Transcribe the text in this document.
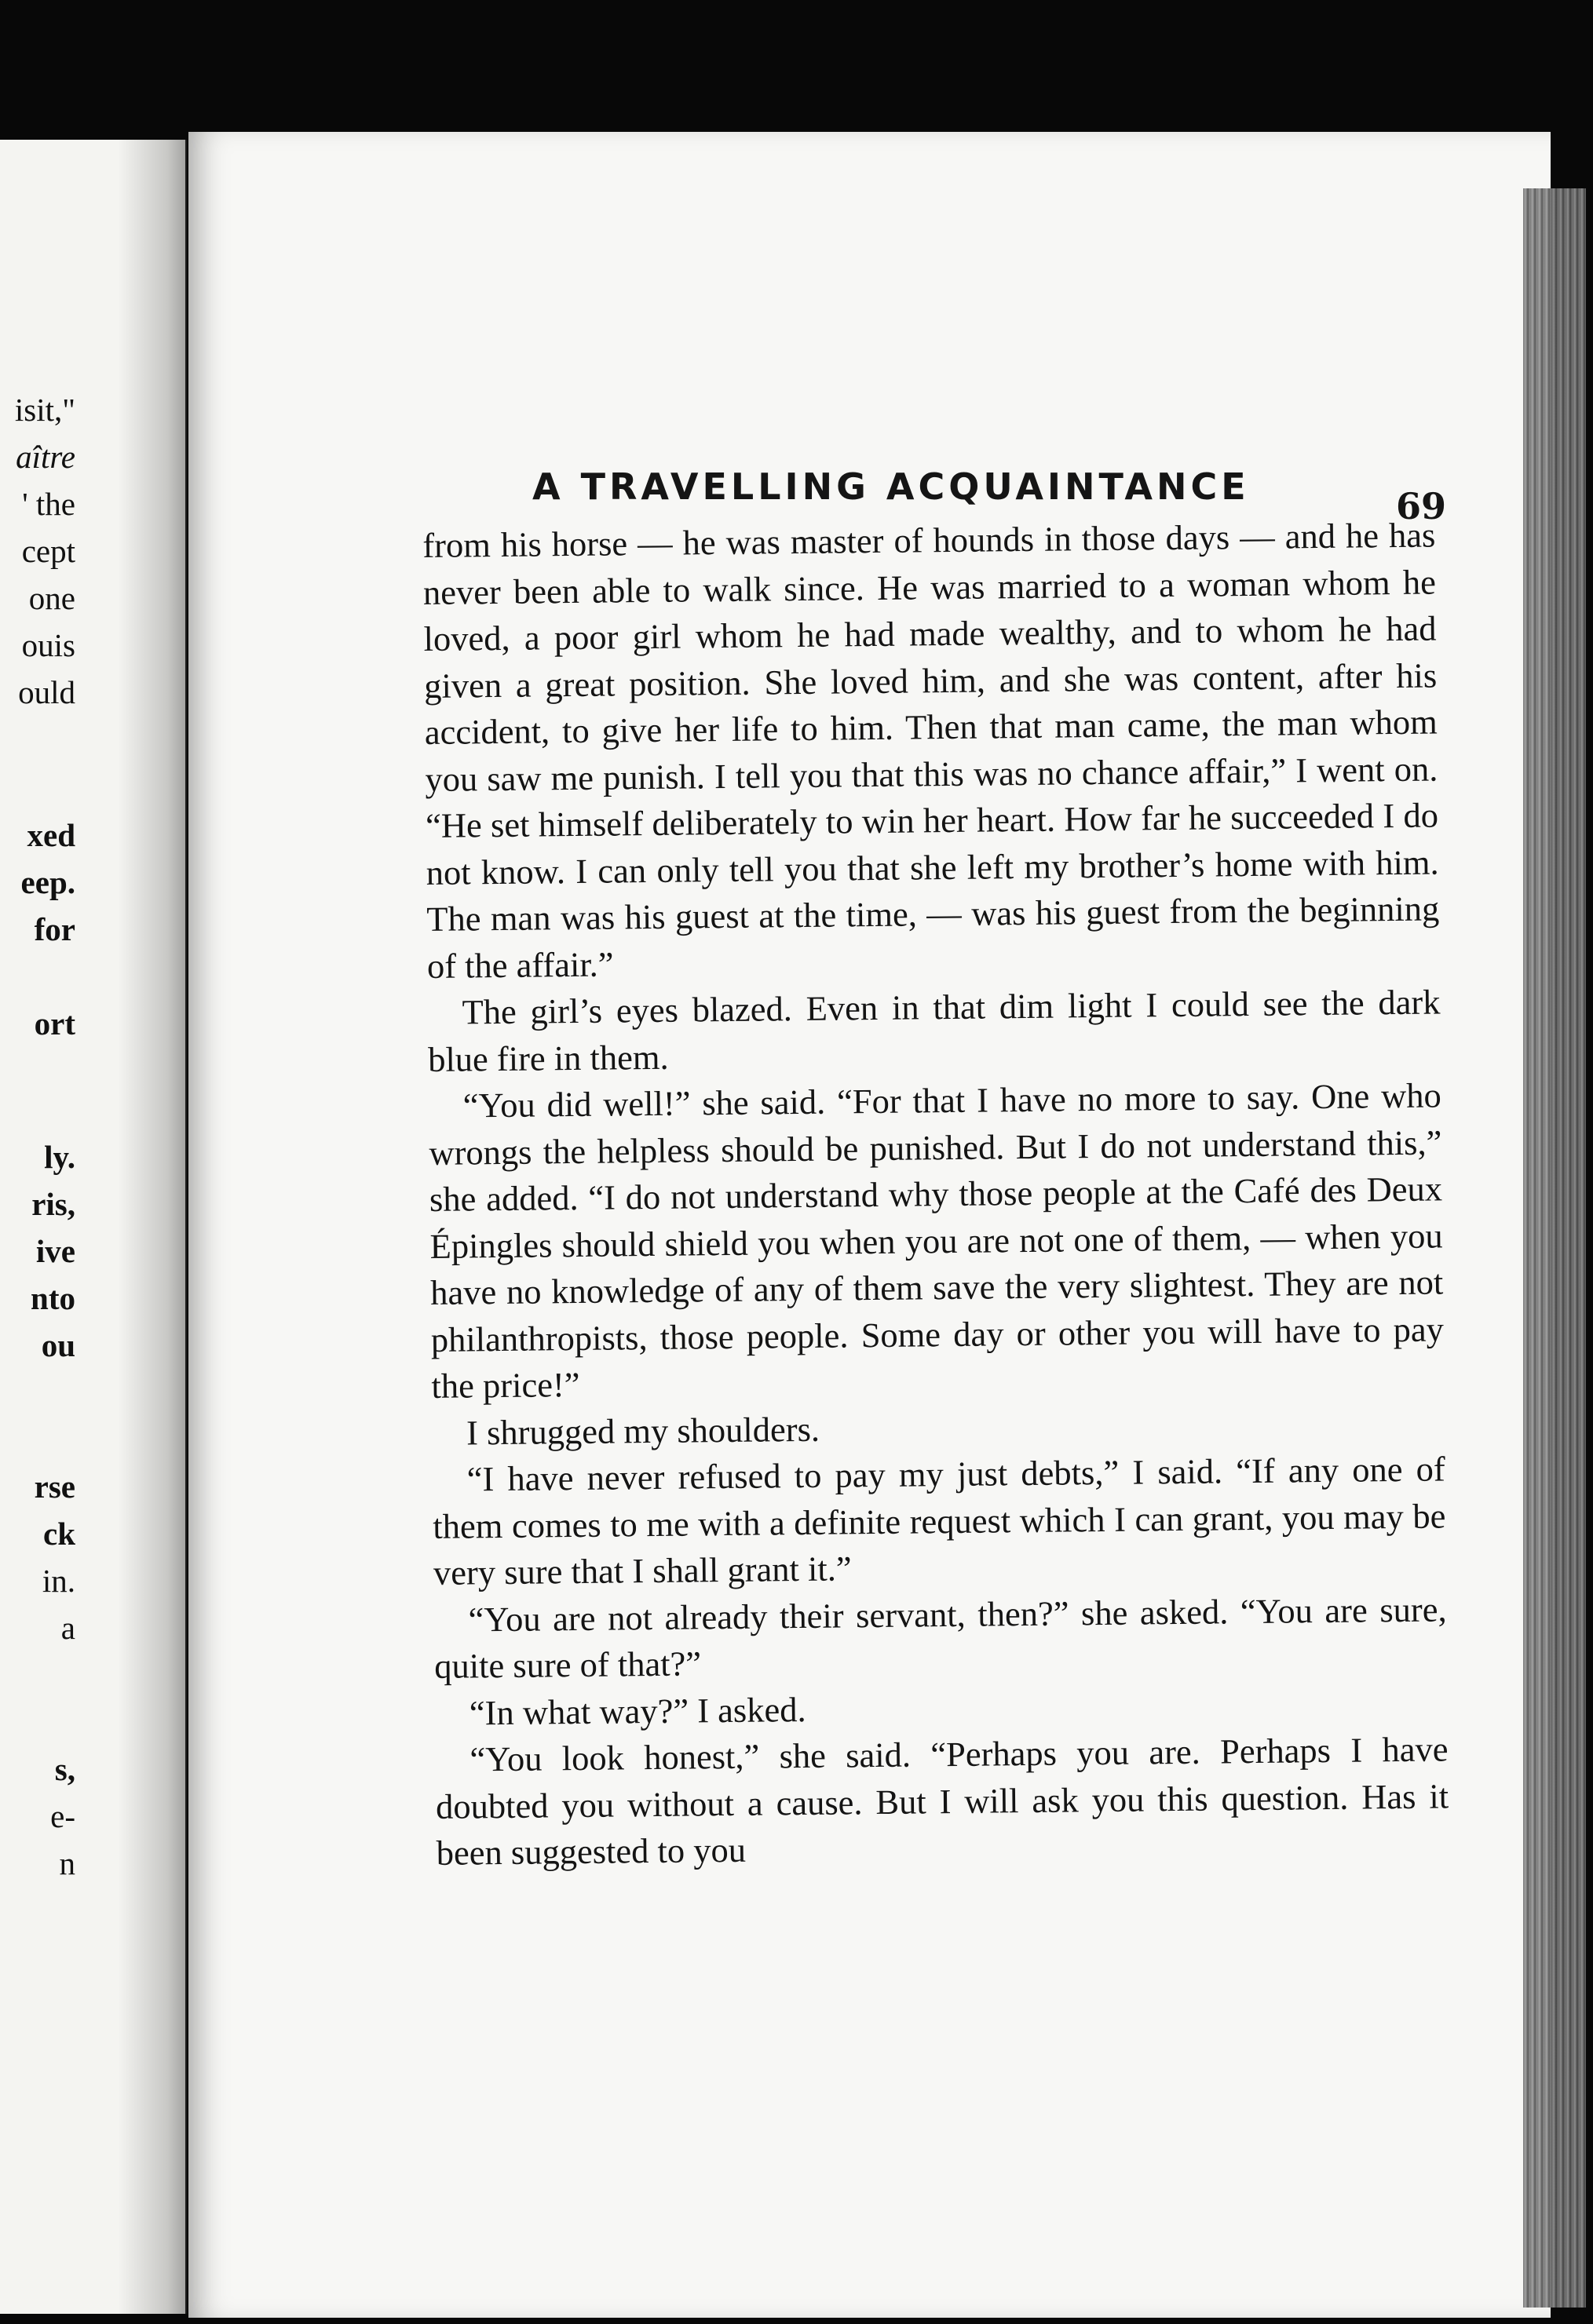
isit,"
aître
' the
cept
one
ouis
ould
xed
eep.
for
ort
ly.
ris,
ive
nto
ou
rse
ck
in.
a
s,
e-
n
A TRAVELLING ACQUAINTANCE	69

from his horse — he was master of hounds in those days — and he has never been able to walk since. He was married to a woman whom he loved, a poor girl whom he had made wealthy, and to whom he had given a great position. She loved him, and she was content, after his accident, to give her life to him. Then that man came, the man whom you saw me punish. I tell you that this was no chance affair,” I went on. “He set himself deliberately to win her heart. How far he succeeded I do not know. I can only tell you that she left my brother’s home with him. The man was his guest at the time, — was his guest from the beginning of the affair.”

The girl’s eyes blazed. Even in that dim light I could see the dark blue fire in them.

“You did well!” she said. “For that I have no more to say. One who wrongs the helpless should be punished. But I do not understand this,” she added. “I do not understand why those people at the Café des Deux Épingles should shield you when you are not one of them, — when you have no knowledge of any of them save the very slightest. They are not philanthropists, those people. Some day or other you will have to pay the price!”

I shrugged my shoulders.

“I have never refused to pay my just debts,” I said. “If any one of them comes to me with a definite request which I can grant, you may be very sure that I shall grant it.”

“You are not already their servant, then?” she asked. “You are sure, quite sure of that?”

“In what way?” I asked.

“You look honest,” she said. “Perhaps you are. Perhaps I have doubted you without a cause. But I will ask you this question. Has it been suggested to you
